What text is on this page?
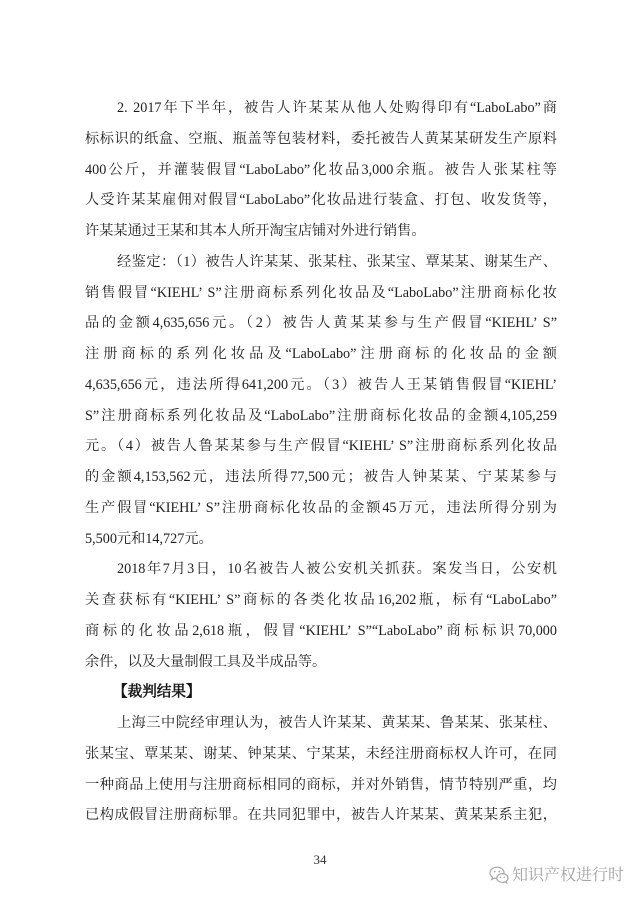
2. 2017年下半年，被告人许某某从他人处购得印有“LaboLabo”商
标标识的纸盒、空瓶、瓶盖等包装材料，委托被告人黄某某研发生产原料
400公斤，并灌装假冒“LaboLabo”化妆品3,000余瓶。被告人张某柱等
人受许某某雇佣对假冒“LaboLabo”化妆品进行装盒、打包、收发货等，
许某某通过王某和其本人所开淘宝店铺对外进行销售。
经鉴定：（1）被告人许某某、张某柱、张某宝、覃某某、谢某生产、
销售假冒“KIEHL’ S”注册商标系列化妆品及“LaboLabo”注册商标化妆
品的金额4,635,656元。（2）被告人黄某某参与生产假冒“KIEHL’ S”
注册商标的系列化妆品及“LaboLabo”注册商标的化妆品的金额
4,635,656元，违法所得641,200元。（3）被告人王某销售假冒“KIEHL’
S”注册商标系列化妆品及“LaboLabo”注册商标化妆品的金额4,105,259
元。（4）被告人鲁某某参与生产假冒“KIEHL’ S”注册商标系列化妆品
的金额4,153,562元，违法所得77,500元；被告人钟某某、宁某某参与
生产假冒“KIEHL’ S”注册商标化妆品的金额45万元，违法所得分别为
5,500元和14,727元。
2018年7月3日，10名被告人被公安机关抓获。案发当日，公安机
关查获标有“KIEHL’ S”商标的各类化妆品16,202瓶，标有“LaboLabo”
商标的化妆品2,618瓶，假冒“KIEHL’ S”“LaboLabo”商标标识70,000
余件，以及大量制假工具及半成品等。
【裁判结果】
上海三中院经审理认为，被告人许某某、黄某某、鲁某某、张某柱、
张某宝、覃某某、谢某、钟某某、宁某某，未经注册商标权人许可，在同
一种商品上使用与注册商标相同的商标，并对外销售，情节特别严重，均
已构成假冒注册商标罪。在共同犯罪中，被告人许某某、黄某某系主犯，
34
知识产权进行时
